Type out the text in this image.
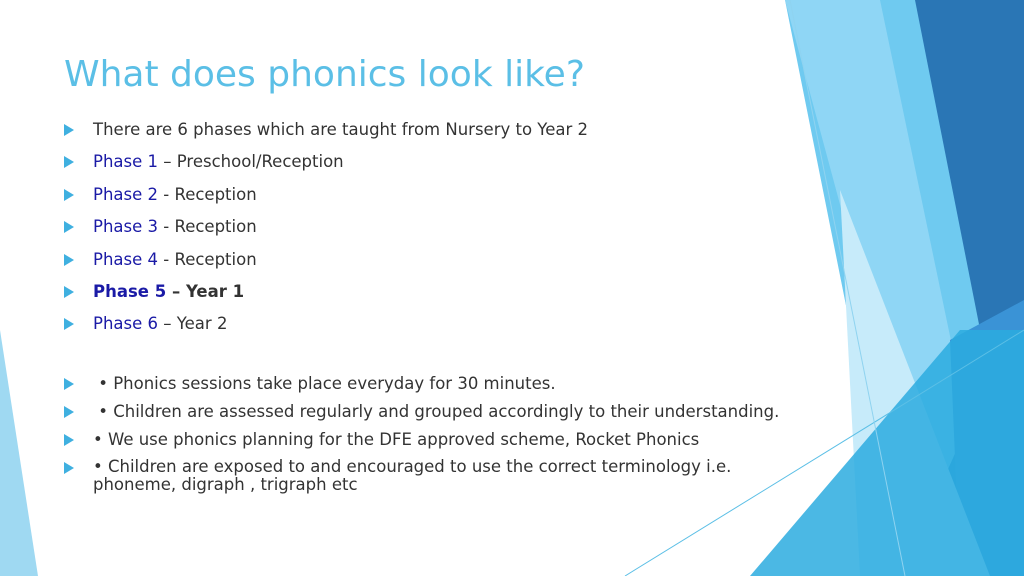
What does phonics look like?
There are 6 phases which are taught from Nursery to Year 2
Phase 1 – Preschool/Reception
Phase 2 - Reception
Phase 3 - Reception
Phase 4 - Reception
Phase 5 – Year 1
Phase 6 – Year 2
• Phonics sessions take place everyday for 30 minutes.
• Children are assessed regularly and grouped accordingly to their understanding.
• We use phonics planning for the DFE approved scheme, Rocket Phonics
• Children are exposed to and encouraged to use the correct terminology i.e. phoneme, digraph , trigraph etc
